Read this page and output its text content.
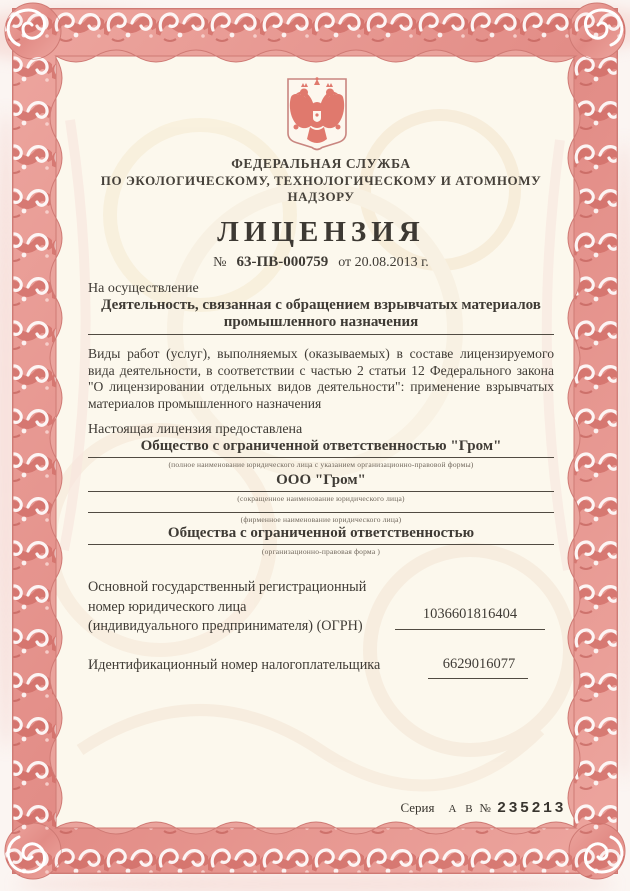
ФЕДЕРАЛЬНАЯ СЛУЖБА
ПО ЭКОЛОГИЧЕСКОМУ, ТЕХНОЛОГИЧЕСКОМУ И АТОМНОМУ НАДЗОРУ
ЛИЦЕНЗИЯ
№ 63-ПВ-000759 от 20.08.2013 г.
На осуществление
Деятельность, связанная с обращением взрывчатых материалов
промышленного назначения
Виды работ (услуг), выполняемых (оказываемых) в составе лицензируемого вида деятельности, в соответствии с частью 2 статьи 12 Федерального закона "О лицензировании отдельных видов деятельности": применение взрывчатых материалов промышленного назначения
Настоящая лицензия предоставлена
Общество с ограниченной ответственностью "Гром"
(полное наименование юридического лица с указанием организационно-правовой формы)
ООО "Гром"
(сокращенное наименование юридического лица)
(фирменное наименование юридического лица)
Общества с ограниченной ответственностью
(организационно-правовая форма )
Основной государственный регистрационный
номер юридического лица
(индивидуального предпринимателя) (ОГРН)
1036601816404
Идентификационный номер налогоплательщика	6629016077
Серия А В № 235213
